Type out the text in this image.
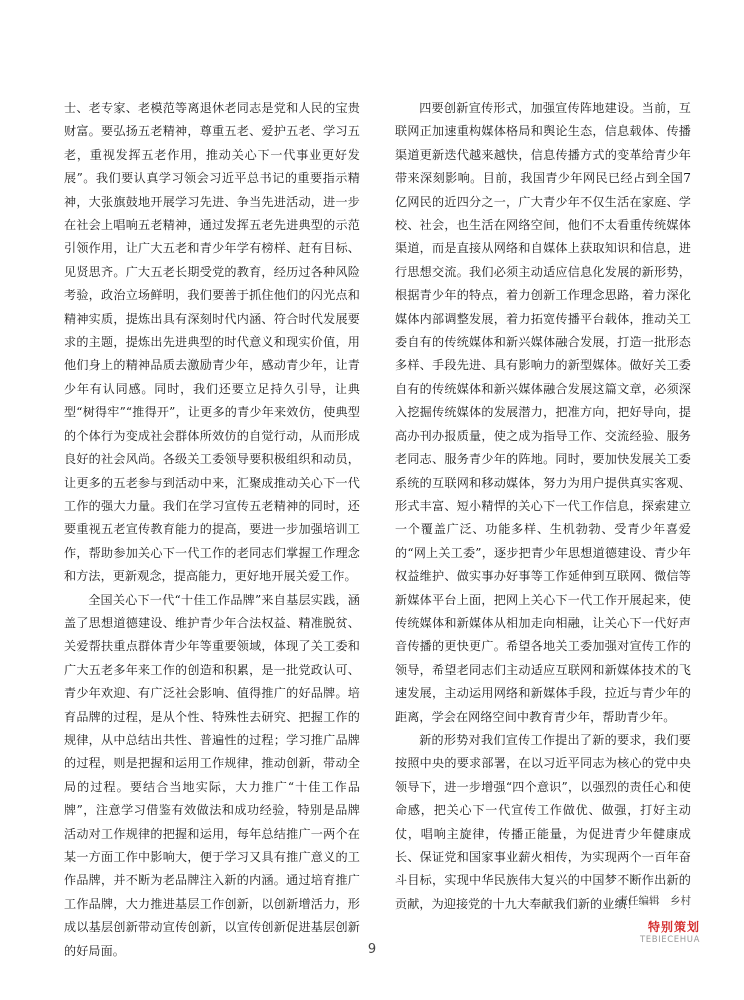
士、老专家、老模范等离退休老同志是党和人民的宝贵财富。要弘扬五老精神，尊重五老、爱护五老、学习五老，重视发挥五老作用，推动关心下一代事业更好发展”。我们要认真学习领会习近平总书记的重要指示精神，大张旗鼓地开展学习先进、争当先进活动，进一步在社会上唱响五老精神，通过发挥五老先进典型的示范引领作用，让广大五老和青少年学有榜样、赶有目标、见贤思齐。广大五老长期受党的教育，经历过各种风险考验，政治立场鲜明，我们要善于抓住他们的闪光点和精神实质，提炼出具有深刻时代内涵、符合时代发展要求的主题，提炼出先进典型的时代意义和现实价值，用他们身上的精神品质去激励青少年，感动青少年，让青少年有认同感。同时，我们还要立足持久引导，让典型“树得牢”“推得开”，让更多的青少年来效仿，使典型的个体行为变成社会群体所效仿的自觉行动，从而形成良好的社会风尚。各级关工委领导要积极组织和动员，让更多的五老参与到活动中来，汇聚成推动关心下一代工作的强大力量。我们在学习宣传五老精神的同时，还要重视五老宣传教育能力的提高，要进一步加强培训工作，帮助参加关心下一代工作的老同志们掌握工作理念和方法，更新观念，提高能力，更好地开展关爱工作。

全国关心下一代“十佳工作品牌”来自基层实践，涵盖了思想道德建设、维护青少年合法权益、精准脱贫、关爱帮扶重点群体青少年等重要领域，体现了关工委和广大五老多年来工作的创造和积累，是一批党政认可、青少年欢迎、有广泛社会影响、值得推广的好品牌。培育品牌的过程，是从个性、特殊性去研究、把握工作的规律，从中总结出共性、普遍性的过程；学习推广品牌的过程，则是把握和运用工作规律，推动创新，带动全局的过程。要结合当地实际，大力推广“十佳工作品牌”，注意学习借鉴有效做法和成功经验，特别是品牌活动对工作规律的把握和运用，每年总结推广一两个在某一方面工作中影响大，便于学习又具有推广意义的工作品牌，并不断为老品牌注入新的内涵。通过培育推广工作品牌，大力推进基层工作创新，以创新增活力，形成以基层创新带动宣传创新，以宣传创新促进基层创新的好局面。

四要创新宣传形式，加强宣传阵地建设。当前，互联网正加速重构媒体格局和舆论生态，信息载体、传播渠道更新迭代越来越快，信息传播方式的变革给青少年带来深刻影响。目前，我国青少年网民已经占到全国7亿网民的近四分之一，广大青少年不仅生活在家庭、学校、社会，也生活在网络空间，他们不太看重传统媒体渠道，而是直接从网络和自媒体上获取知识和信息，进行思想交流。我们必须主动适应信息化发展的新形势，根据青少年的特点，着力创新工作理念思路，着力深化媒体内部调整发展，着力拓宽传播平台载体，推动关工委自有的传统媒体和新兴媒体融合发展，打造一批形态多样、手段先进、具有影响力的新型媒体。做好关工委自有的传统媒体和新兴媒体融合发展这篇文章，必须深入挖掘传统媒体的发展潜力，把准方向，把好导向，提高办刊办报质量，使之成为指导工作、交流经验、服务老同志、服务青少年的阵地。同时，要加快发展关工委系统的互联网和移动媒体，努力为用户提供真实客观、形式丰富、短小精悍的关心下一代工作信息，探索建立一个覆盖广泛、功能多样、生机勃勃、受青少年喜爱的“网上关工委”，逐步把青少年思想道德建设、青少年权益维护、做实事办好事等工作延伸到互联网、微信等新媒体平台上面，把网上关心下一代工作开展起来，使传统媒体和新媒体从相加走向相融，让关心下一代好声音传播的更快更广。希望各地关工委加强对宣传工作的领导，希望老同志们主动适应互联网和新媒体技术的飞速发展，主动运用网络和新媒体手段，拉近与青少年的距离，学会在网络空间中教育青少年，帮助青少年。

新的形势对我们宣传工作提出了新的要求，我们要按照中央的要求部署，在以习近平同志为核心的党中央领导下，进一步增强“四个意识”，以强烈的责任心和使命感，把关心下一代宣传工作做优、做强，打好主动仗，唱响主旋律，传播正能量，为促进青少年健康成长、保证党和国家事业薪火相传，为实现两个一百年奋斗目标，实现中华民族伟大复兴的中国梦不断作出新的贡献，为迎接党的十九大奉献我们新的业绩！

责任编辑　乡村
特别策划
TEBIECEHUA
9
